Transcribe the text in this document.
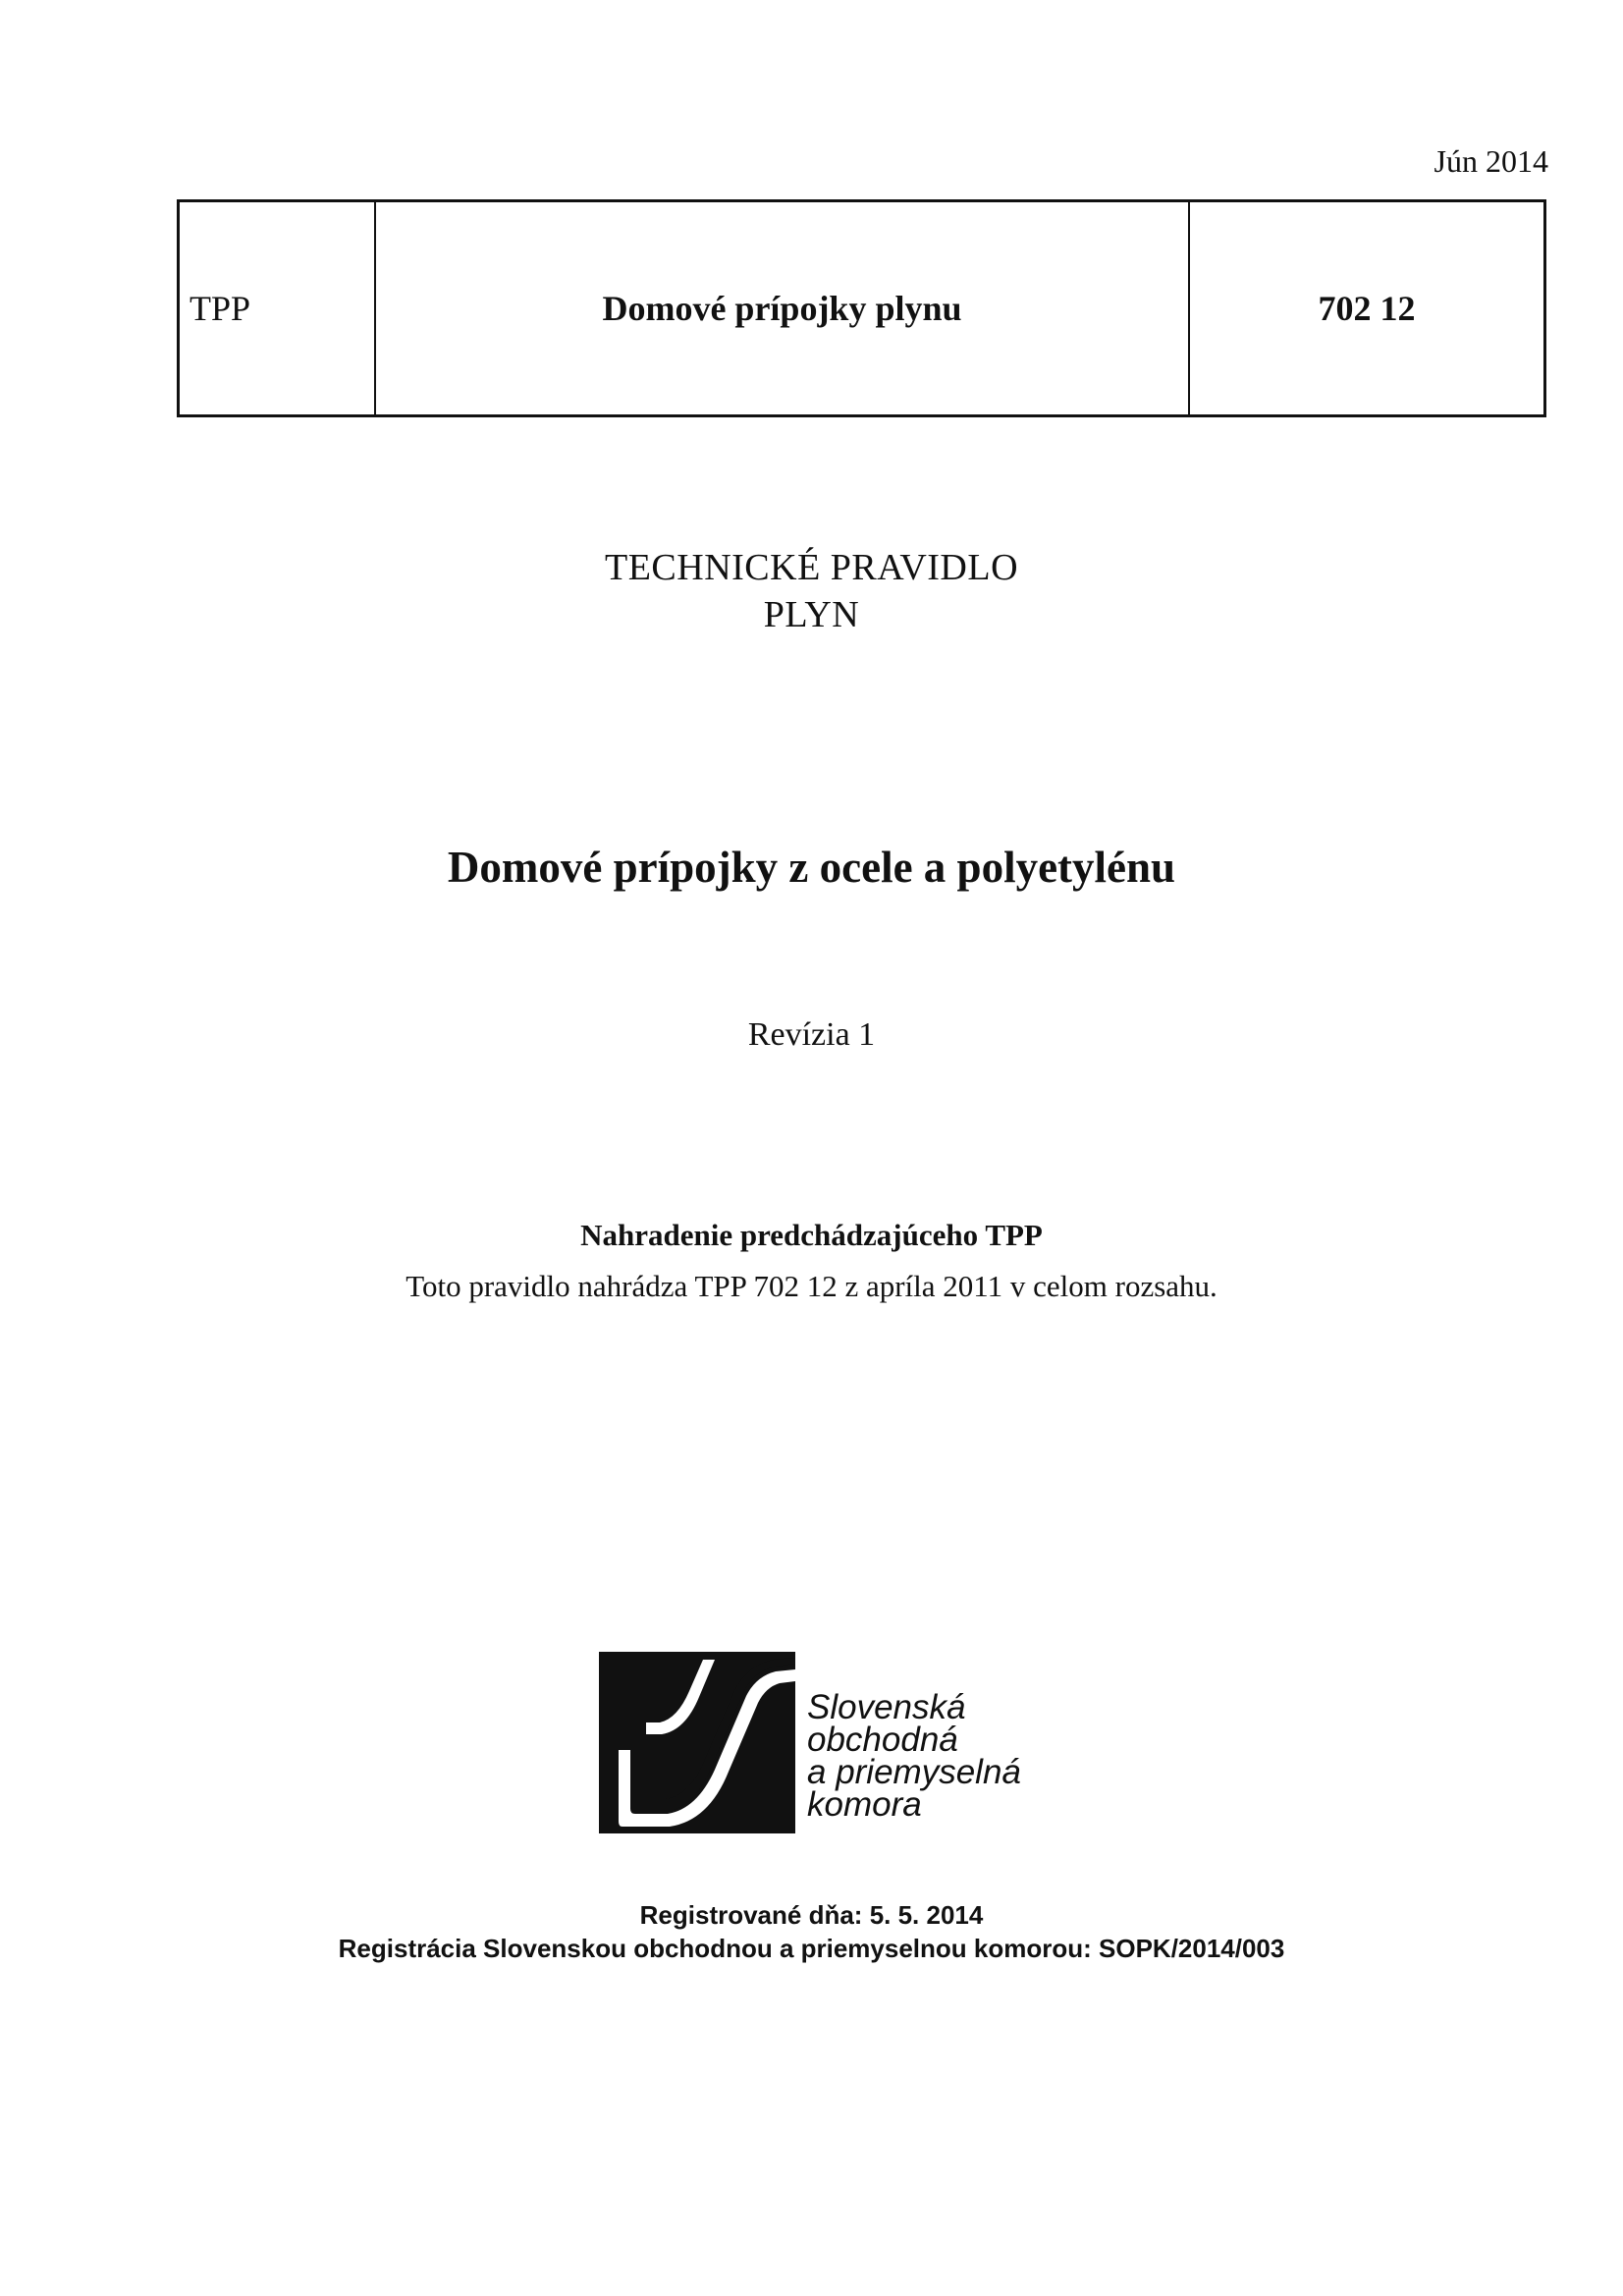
Jún 2014
TPP	Domové prípojky plynu	702 12
TECHNICKÉ PRAVIDLO
PLYN
Domové prípojky z ocele a polyetylénu
Revízia 1
Nahradenie predchádzajúceho TPP
Toto pravidlo nahrádza TPP 702 12 z apríla 2011 v celom rozsahu.
Slovenská
obchodná
a priemyselná
komora
Registrované dňa: 5. 5. 2014
Registrácia Slovenskou obchodnou a priemyselnou komorou: SOPK/2014/003
